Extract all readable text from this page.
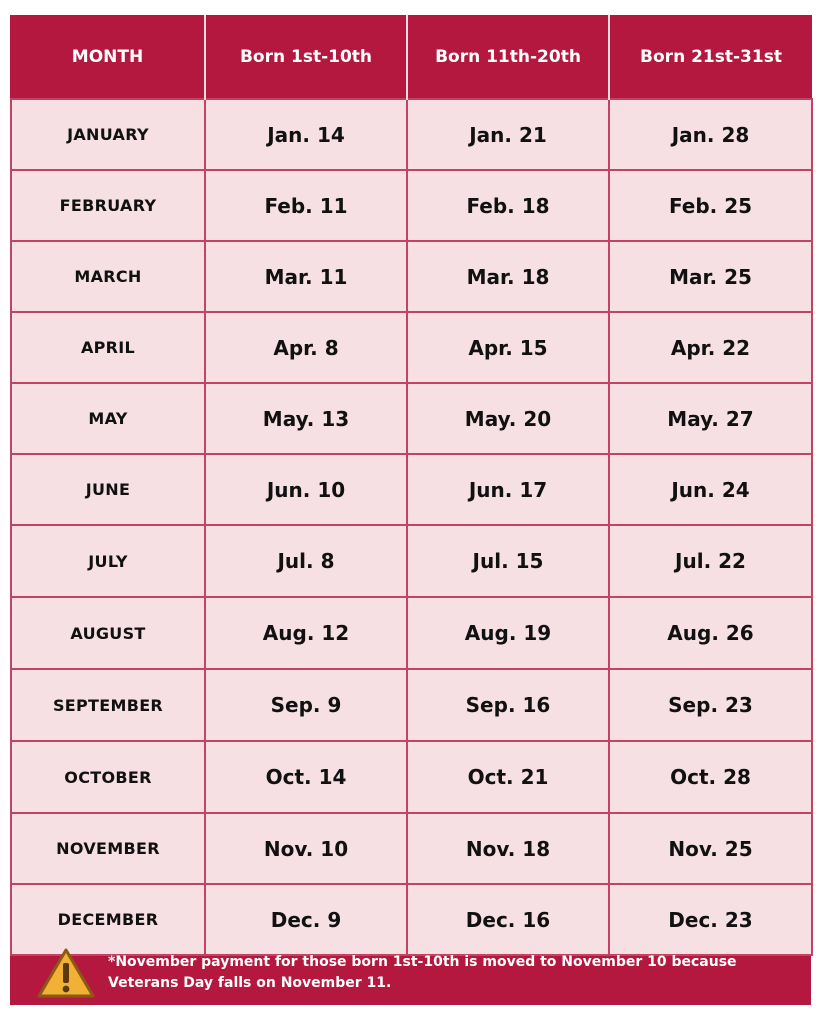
MONTH	Born 1st-10th	Born 11th-20th	Born 21st-31st
JANUARY	Jan. 14	Jan. 21	Jan. 28
FEBRUARY	Feb. 11	Feb. 18	Feb. 25
MARCH	Mar. 11	Mar. 18	Mar. 25
APRIL	Apr. 8	Apr. 15	Apr. 22
MAY	May. 13	May. 20	May. 27
JUNE	Jun. 10	Jun. 17	Jun. 24
JULY	Jul. 8	Jul. 15	Jul. 22
AUGUST	Aug. 12	Aug. 19	Aug. 26
SEPTEMBER	Sep. 9	Sep. 16	Sep. 23
OCTOBER	Oct. 14	Oct. 21	Oct. 28
NOVEMBER	Nov. 10	Nov. 18	Nov. 25
DECEMBER	Dec. 9	Dec. 16	Dec. 23
*November payment for those born 1st-10th is moved to November 10 because
Veterans Day falls on November 11.
